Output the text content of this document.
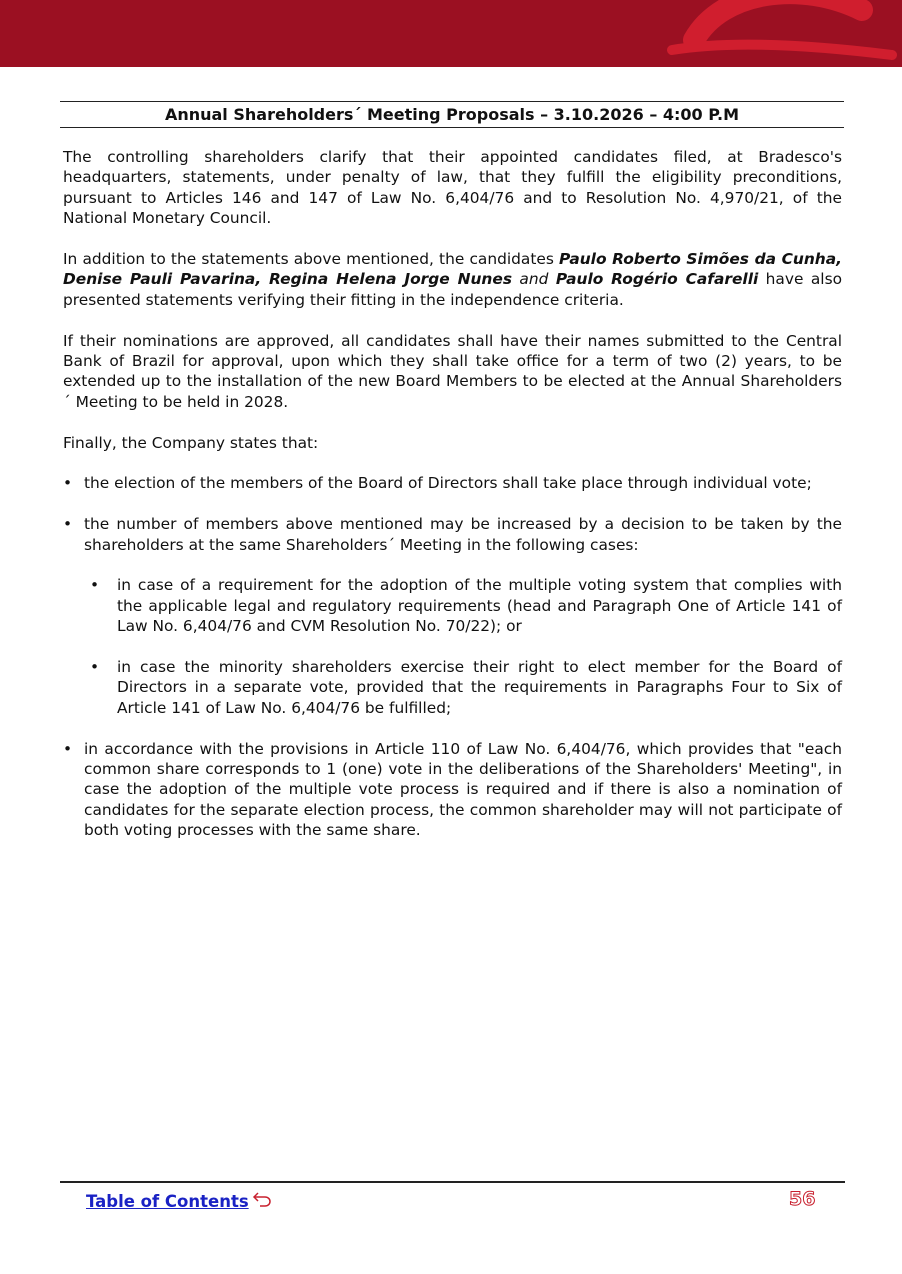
Annual Shareholders´ Meeting Proposals – 3.10.2026 – 4:00 P.M

The controlling shareholders clarify that their appointed candidates filed, at Bradesco's headquarters, statements, under penalty of law, that they fulfill the eligibility preconditions, pursuant to Articles 146 and 147 of Law No. 6,404/76 and to Resolution No. 4,970/21, of the National Monetary Council.

In addition to the statements above mentioned, the candidates Paulo Roberto Simões da Cunha, Denise Pauli Pavarina, Regina Helena Jorge Nunes and Paulo Rogério Cafarelli have also presented statements verifying their fitting in the independence criteria.

If their nominations are approved, all candidates shall have their names submitted to the Central Bank of Brazil for approval, upon which they shall take office for a term of two (2) years, to be extended up to the installation of the new Board Members to be elected at the Annual Shareholders´ Meeting to be held in 2028.

Finally, the Company states that:

• the election of the members of the Board of Directors shall take place through individual vote;
• the number of members above mentioned may be increased by a decision to be taken by the shareholders at the same Shareholders´ Meeting in the following cases:
• in case of a requirement for the adoption of the multiple voting system that complies with the applicable legal and regulatory requirements (head and Paragraph One of Article 141 of Law No. 6,404/76 and CVM Resolution No. 70/22); or
• in case the minority shareholders exercise their right to elect member for the Board of Directors in a separate vote, provided that the requirements in Paragraphs Four to Six of Article 141 of Law No. 6,404/76 be fulfilled;
• in accordance with the provisions in Article 110 of Law No. 6,404/76, which provides that "each common share corresponds to 1 (one) vote in the deliberations of the Shareholders' Meeting", in case the adoption of the multiple vote process is required and if there is also a nomination of candidates for the separate election process, the common shareholder may will not participate of both voting processes with the same share.
Table of Contents	56
